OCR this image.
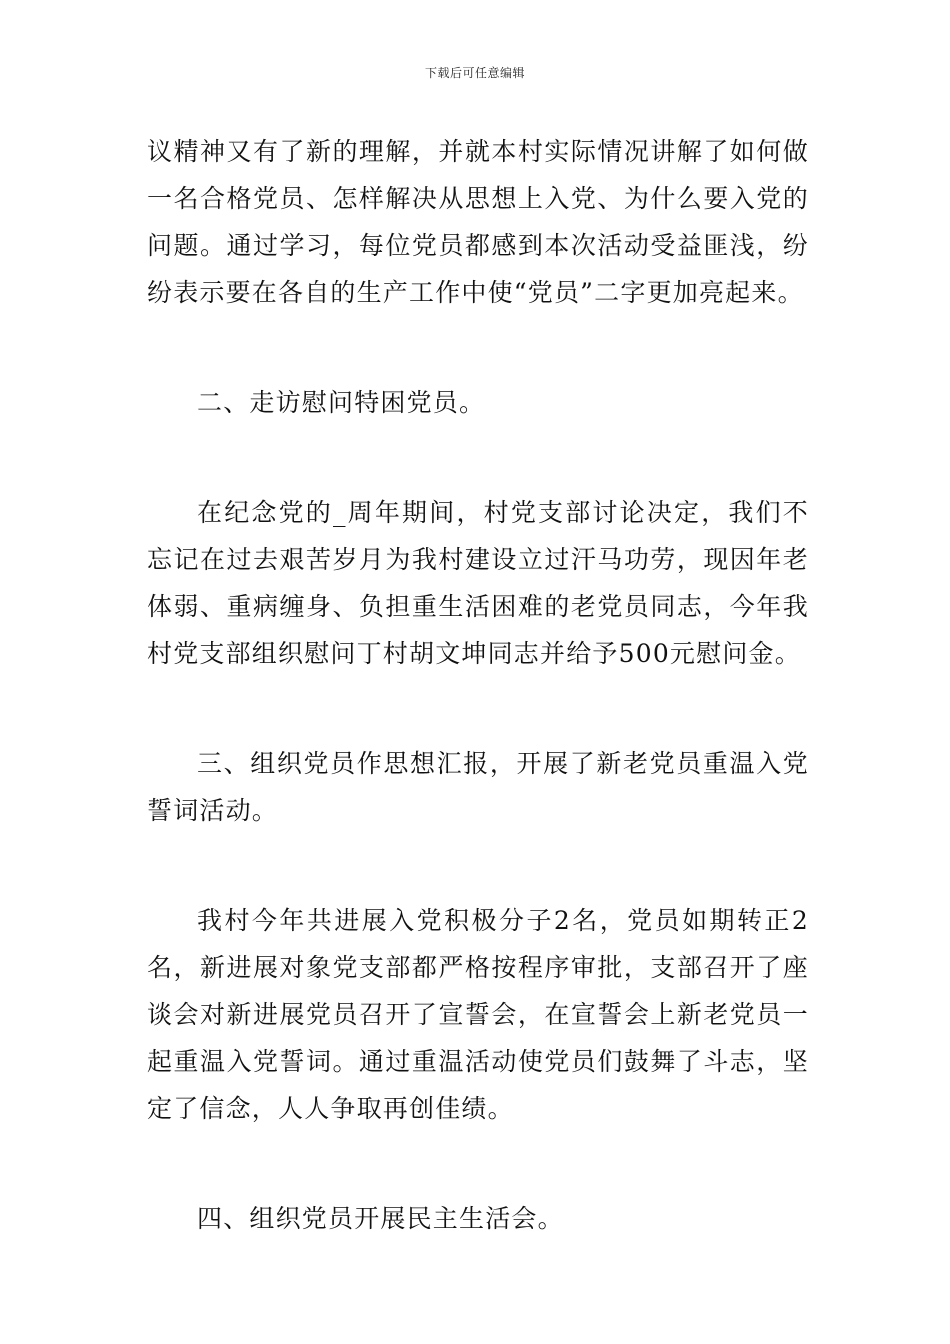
下载后可任意编辑

议精神又有了新的理解，并就本村实际情况讲解了如何做一名合格党员、怎样解决从思想上入党、为什么要入党的问题。通过学习，每位党员都感到本次活动受益匪浅，纷纷表示要在各自的生产工作中使“党员”二字更加亮起来。

二、走访慰问特困党员。

在纪念党的_周年期间，村党支部讨论决定，我们不忘记在过去艰苦岁月为我村建设立过汗马功劳，现因年老体弱、重病缠身、负担重生活困难的老党员同志，今年我村党支部组织慰问丁村胡文坤同志并给予500元慰问金。

三、组织党员作思想汇报，开展了新老党员重温入党誓词活动。

我村今年共进展入党积极分子2名，党员如期转正2名，新进展对象党支部都严格按程序审批，支部召开了座谈会对新进展党员召开了宣誓会，在宣誓会上新老党员一起重温入党誓词。通过重温活动使党员们鼓舞了斗志，坚定了信念，人人争取再创佳绩。

四、组织党员开展民主生活会。
